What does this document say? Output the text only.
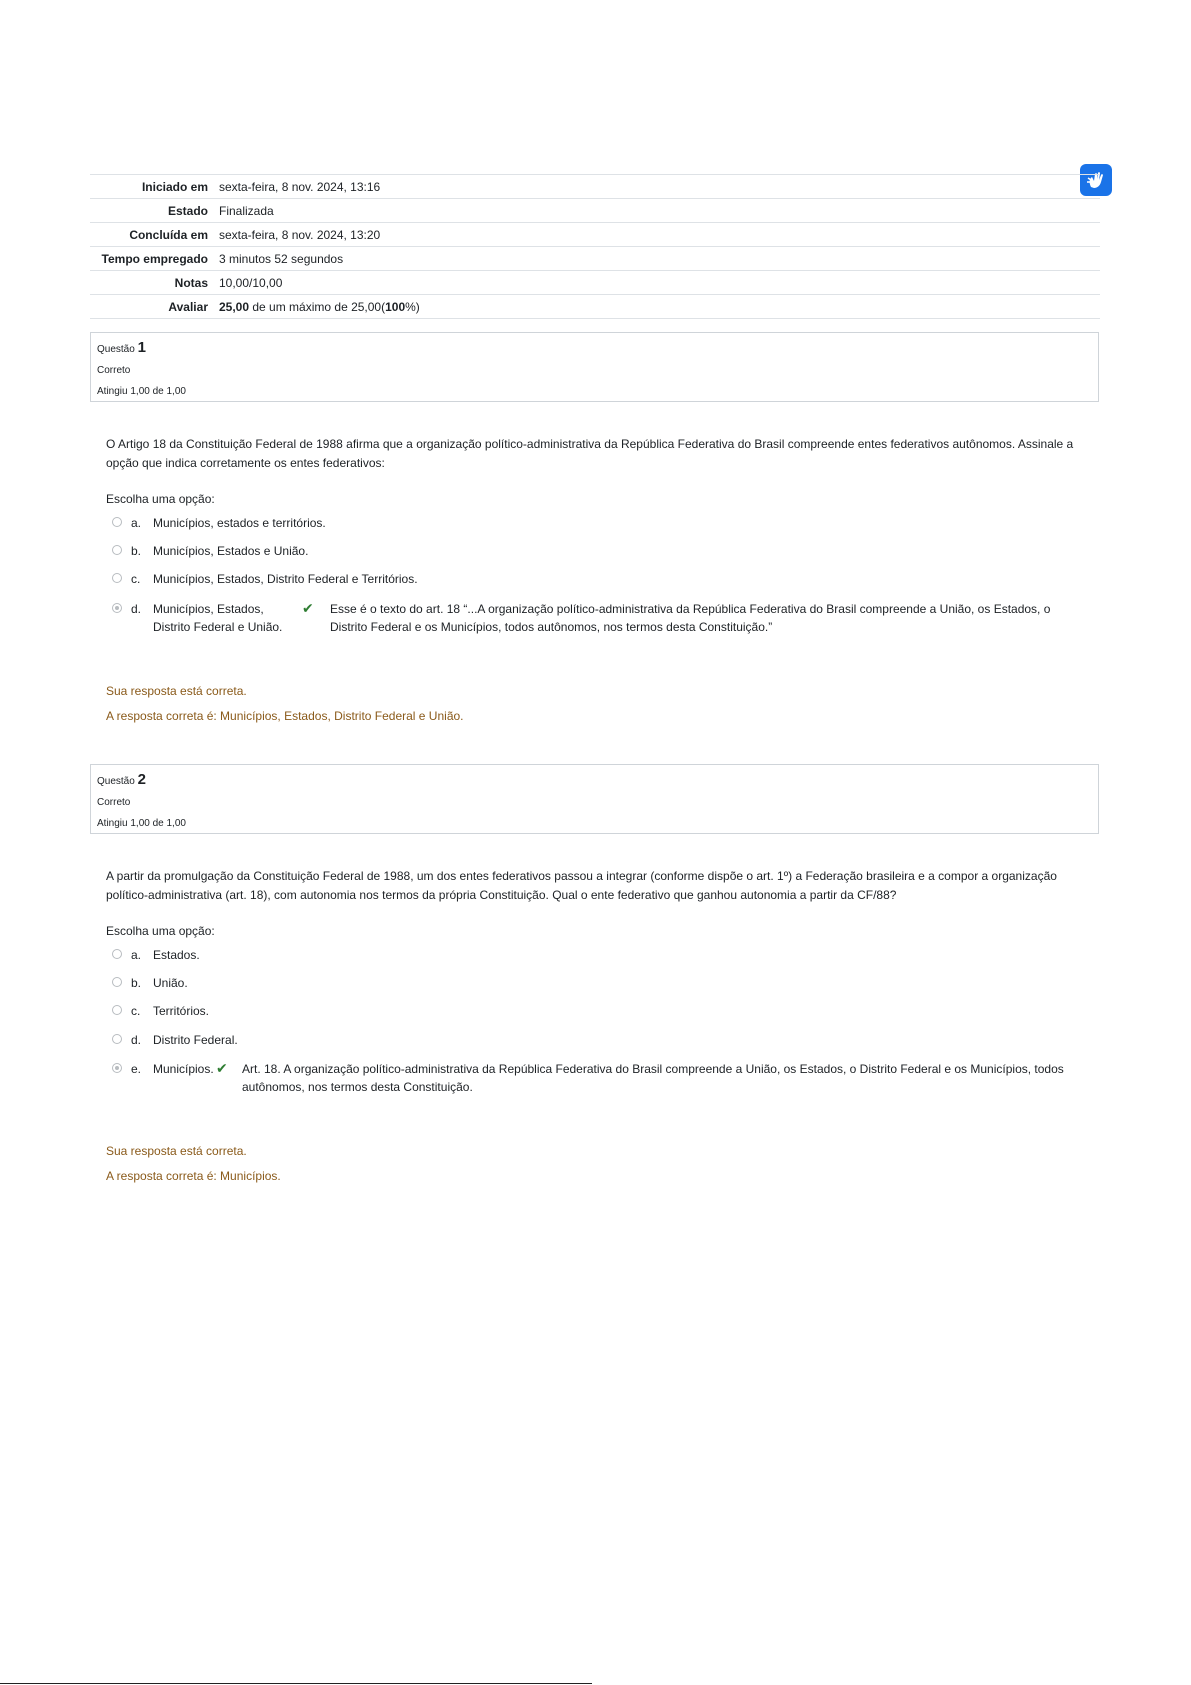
Iniciado em	sexta-feira, 8 nov. 2024, 13:16
Estado	Finalizada
Concluída em	sexta-feira, 8 nov. 2024, 13:20
Tempo empregado	3 minutos 52 segundos
Notas	10,00/10,00
Avaliar	25,00 de um máximo de 25,00(100%)
Questão 1
Correto
Atingiu 1,00 de 1,00
O Artigo 18 da Constituição Federal de 1988 afirma que a organização político-administrativa da República Federativa do Brasil compreende entes federativos autônomos. Assinale a opção que indica corretamente os entes federativos:
Escolha uma opção:
a. Municípios, estados e territórios.
b. Municípios, Estados e União.
c. Municípios, Estados, Distrito Federal e Territórios.
d. Municípios, Estados, Distrito Federal e União.
✔ Esse é o texto do art. 18 “...A organização político-administrativa da República Federativa do Brasil compreende a União, os Estados, o Distrito Federal e os Municípios, todos autônomos, nos termos desta Constituição.”
Sua resposta está correta.
A resposta correta é: Municípios, Estados, Distrito Federal e União.
Questão 2
Correto
Atingiu 1,00 de 1,00
A partir da promulgação da Constituição Federal de 1988, um dos entes federativos passou a integrar (conforme dispõe o art. 1º) a Federação brasileira e a compor a organização político-administrativa (art. 18), com autonomia nos termos da própria Constituição. Qual o ente federativo que ganhou autonomia a partir da CF/88?
Escolha uma opção:
a. Estados.
b. União.
c. Territórios.
d. Distrito Federal.
e. Municípios. ✔ Art. 18. A organização político-administrativa da República Federativa do Brasil compreende a União, os Estados, o Distrito Federal e os Municípios, todos autônomos, nos termos desta Constituição.
Sua resposta está correta.
A resposta correta é: Municípios.
